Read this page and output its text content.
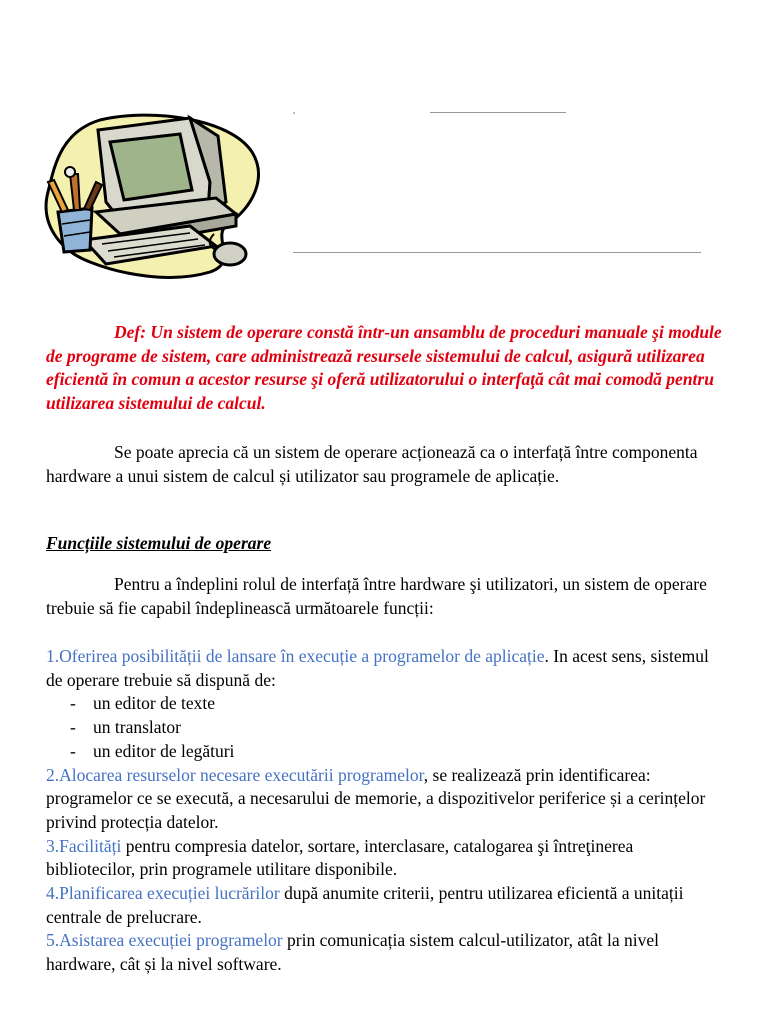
Def: Un sistem de operare constă într-un ansamblu de proceduri manuale şi module de programe de sistem, care administrează resursele sistemului de calcul, asigură utilizarea eficientă în comun a acestor resurse şi oferă utilizatorului o interfaţă cât mai comodă pentru utilizarea sistemului de calcul.
Se poate aprecia că un sistem de operare acționează ca o interfață între componenta hardware a unui sistem de calcul și utilizator sau programele de aplicație.
Funcțiile sistemului de operare
Pentru a îndeplini rolul de interfață între hardware şi utilizatori, un sistem de operare trebuie să fie capabil îndeplinească următoarele funcții:
1.Oferirea posibilității de lansare în execuție a programelor de aplicație. In acest sens, sistemul de operare trebuie să dispună de:
- un editor de texte
- un translator
- un editor de legături
2.Alocarea resurselor necesare executării programelor, se realizează prin identificarea: programelor ce se execută, a necesarului de memorie, a dispozitivelor periferice și a cerințelor privind protecția datelor.
3.Facilități pentru compresia datelor, sortare, interclasare, catalogarea şi întreţinerea bibliotecilor, prin programele utilitare disponibile.
4.Planificarea execuției lucrărilor după anumite criterii, pentru utilizarea eficientă a unitații centrale de prelucrare.
5.Asistarea execuției programelor prin comunicația sistem calcul-utilizator, atât la nivel hardware, cât și la nivel software.
